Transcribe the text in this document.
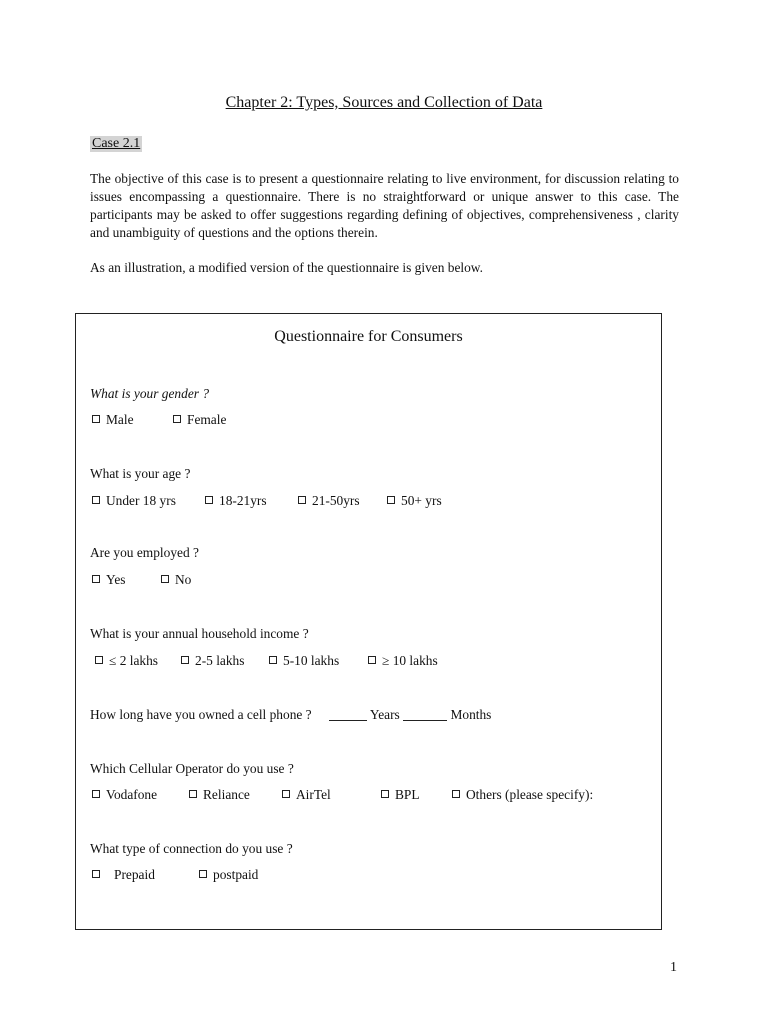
Chapter 2: Types, Sources and Collection of Data
Case 2.1

The objective of this case is to present a questionnaire relating to live environment, for discussion relating to issues encompassing a questionnaire. There is no straightforward or unique answer to this case. The participants may be asked to offer suggestions regarding defining of objectives, comprehensiveness , clarity and unambiguity of questions and the options therein.

As an illustration, a modified version of the questionnaire is given below.

Questionnaire for Consumers
What is your gender ?
Male	Female
What is your age ?
Under 18 yrs	18-21yrs	21-50yrs	50+ yrs
Are you employed ?
Yes	No
What is your annual household income ?
≤ 2 lakhs	2-5 lakhs	5-10 lakhs	≥ 10 lakhs
How long have you owned a cell phone ?	Years	Months
Which Cellular Operator do you use ?
Vodafone	Reliance	AirTel	BPL	Others (please specify):
What type of connection do you use ?
Prepaid	postpaid
1
